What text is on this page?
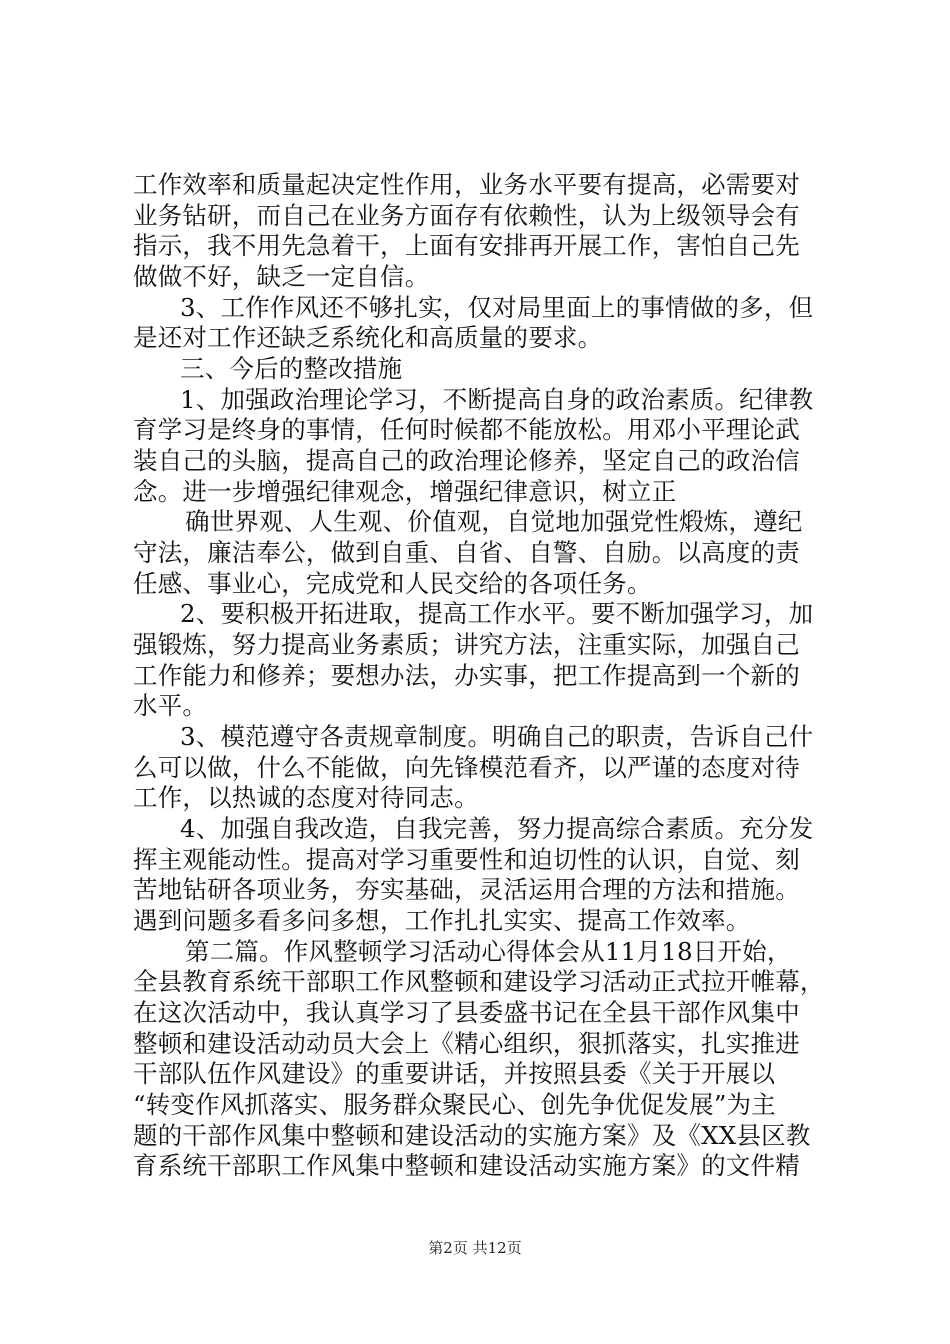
工作效率和质量起决定性作用，业务水平要有提高，必需要对
业务钻研，而自己在业务方面存有依赖性，认为上级领导会有
指示，我不用先急着干，上面有安排再开展工作，害怕自己先
做做不好，缺乏一定自信。
3、工作作风还不够扎实，仅对局里面上的事情做的多，但
是还对工作还缺乏系统化和高质量的要求。
三、今后的整改措施
1、加强政治理论学习，不断提高自身的政治素质。纪律教
育学习是终身的事情，任何时候都不能放松。用邓小平理论武
装自己的头脑，提高自己的政治理论修养，坚定自己的政治信
念。进一步增强纪律观念，增强纪律意识，树立正
确世界观、人生观、价值观，自觉地加强党性煅炼，遵纪
守法，廉洁奉公，做到自重、自省、自警、自励。以高度的责
任感、事业心，完成党和人民交给的各项任务。
2、要积极开拓进取，提高工作水平。要不断加强学习，加
强锻炼，努力提高业务素质；讲究方法，注重实际，加强自己
工作能力和修养；要想办法，办实事，把工作提高到一个新的
水平。
3、模范遵守各责规章制度。明确自己的职责，告诉自己什
么可以做，什么不能做，向先锋模范看齐，以严谨的态度对待
工作，以热诚的态度对待同志。
4、加强自我改造，自我完善，努力提高综合素质。充分发
挥主观能动性。提高对学习重要性和迫切性的认识，自觉、刻
苦地钻研各项业务，夯实基础，灵活运用合理的方法和措施。
遇到问题多看多问多想，工作扎扎实实、提高工作效率。
第二篇。作风整顿学习活动心得体会从11月18日开始，
全县教育系统干部职工作风整顿和建设学习活动正式拉开帷幕，
在这次活动中，我认真学习了县委盛书记在全县干部作风集中
整顿和建设活动动员大会上《精心组织，狠抓落实，扎实推进
干部队伍作风建设》的重要讲话，并按照县委《关于开展以
“转变作风抓落实、服务群众聚民心、创先争优促发展”为主
题的干部作风集中整顿和建设活动的实施方案》及《XX县区教
育系统干部职工作风集中整顿和建设活动实施方案》的文件精
第2页 共12页
